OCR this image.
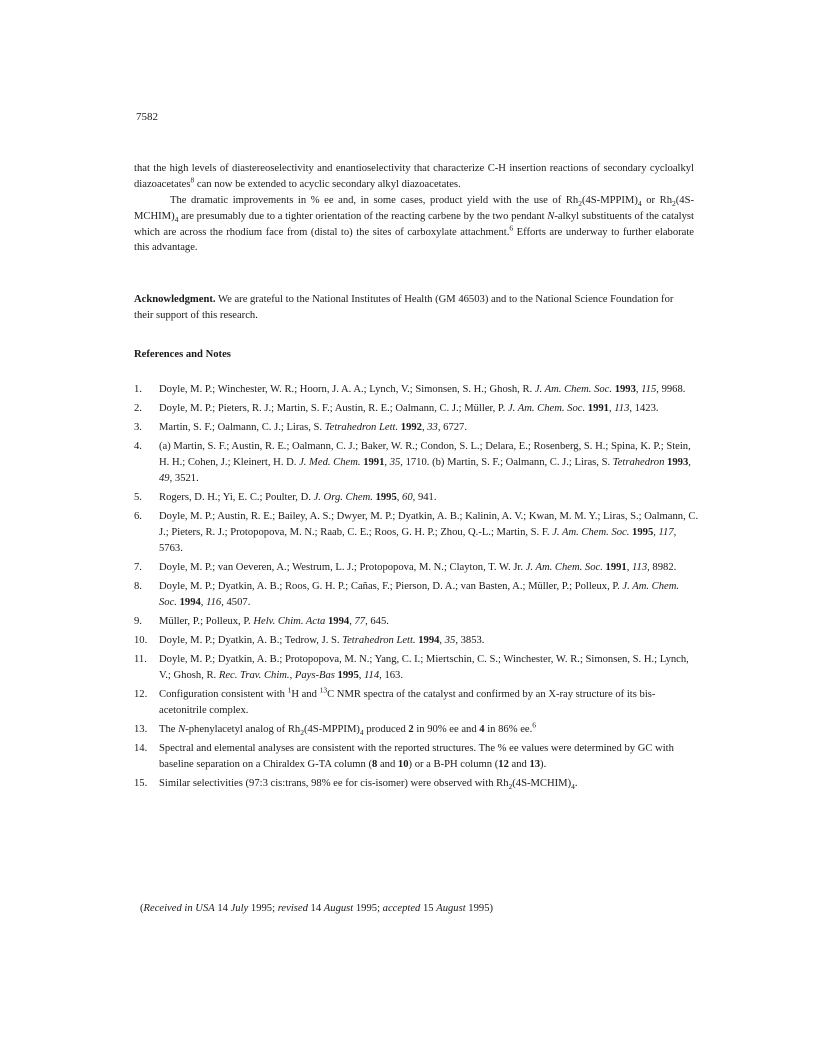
7582

that the high levels of diastereoselectivity and enantioselectivity that characterize C-H insertion reactions of secondary cycloalkyl diazoacetates$^8$ can now be extended to acyclic secondary alkyl diazoacetates.

The dramatic improvements in % ee and, in some cases, product yield with the use of $Rh_2(4S-MPPIM)_4$ or $Rh_2(4S-MCHIM)_4$ are presumably due to a tighter orientation of the reacting carbene by the two pendant N-alkyl substituents of the catalyst which are across the rhodium face from (distal to) the sites of carboxylate attachment.$^6$ Efforts are underway to further elaborate this advantage.

Acknowledgment. We are grateful to the National Institutes of Health (GM 46503) and to the National Science Foundation for their support of this research.
References and Notes
1.	Doyle, M. P.; Winchester, W. R.; Hoorn, J. A. A.; Lynch, V.; Simonsen, S. H.; Ghosh, R. J. Am. Chem. Soc. 1993, 115, 9968.
2.	Doyle, M. P.; Pieters, R. J.; Martin, S. F.; Austin, R. E.; Oalmann, C. J.; Müller, P. J. Am. Chem. Soc. 1991, 113, 1423.
3.	Martin, S. F.; Oalmann, C. J.; Liras, S. Tetrahedron Lett. 1992, 33, 6727.
4.	(a) Martin, S. F.; Austin, R. E.; Oalmann, C. J.; Baker, W. R.; Condon, S. L.; Delara, E.; Rosenberg, S. H.; Spina, K. P.; Stein, H. H.; Cohen, J.; Kleinert, H. D. J. Med. Chem. 1991, 35, 1710. (b) Martin, S. F.; Oalmann, C. J.; Liras, S. Tetrahedron 1993, 49, 3521.
5.	Rogers, D. H.; Yi, E. C.; Poulter, D. J. Org. Chem. 1995, 60, 941.
6.	Doyle, M. P.; Austin, R. E.; Bailey, A. S.; Dwyer, M. P.; Dyatkin, A. B.; Kalinin, A. V.; Kwan, M. M. Y.; Liras, S.; Oalmann, C. J.; Pieters, R. J.; Protopopova, M. N.; Raab, C. E.; Roos, G. H. P.; Zhou, Q.-L.; Martin, S. F. J. Am. Chem. Soc. 1995, 117, 5763.
7.	Doyle, M. P.; van Oeveren, A.; Westrum, L. J.; Protopopova, M. N.; Clayton, T. W. Jr. J. Am. Chem. Soc. 1991, 113, 8982.
8.	Doyle, M. P.; Dyatkin, A. B.; Roos, G. H. P.; Cañas, F.; Pierson, D. A.; van Basten, A.; Müller, P.; Polleux, P. J. Am. Chem. Soc. 1994, 116, 4507.
9.	Müller, P.; Polleux, P. Helv. Chim. Acta 1994, 77, 645.
10.	Doyle, M. P.; Dyatkin, A. B.; Tedrow, J. S. Tetrahedron Lett. 1994, 35, 3853.
11.	Doyle, M. P.; Dyatkin, A. B.; Protopopova, M. N.; Yang, C. I.; Miertschin, C. S.; Winchester, W. R.; Simonsen, S. H.; Lynch, V.; Ghosh, R. Rec. Trav. Chim., Pays-Bas 1995, 114, 163.
12.	Configuration consistent with $^1$H and $^{13}$C NMR spectra of the catalyst and confirmed by an X-ray structure of its bis-acetonitrile complex.
13.	The N-phenylacetyl analog of $Rh_2(4S-MPPIM)_4$ produced 2 in 90% ee and 4 in 86% ee.$^6$
14.	Spectral and elemental analyses are consistent with the reported structures. The % ee values were determined by GC with baseline separation on a Chiraldex G-TA column (8 and 10) or a B-PH column (12 and 13).
15.	Similar selectivities (97:3 cis:trans, 98% ee for cis-isomer) were observed with $Rh_2(4S-MCHIM)_4$.
(Received in USA 14 July 1995; revised 14 August 1995; accepted 15 August 1995)
